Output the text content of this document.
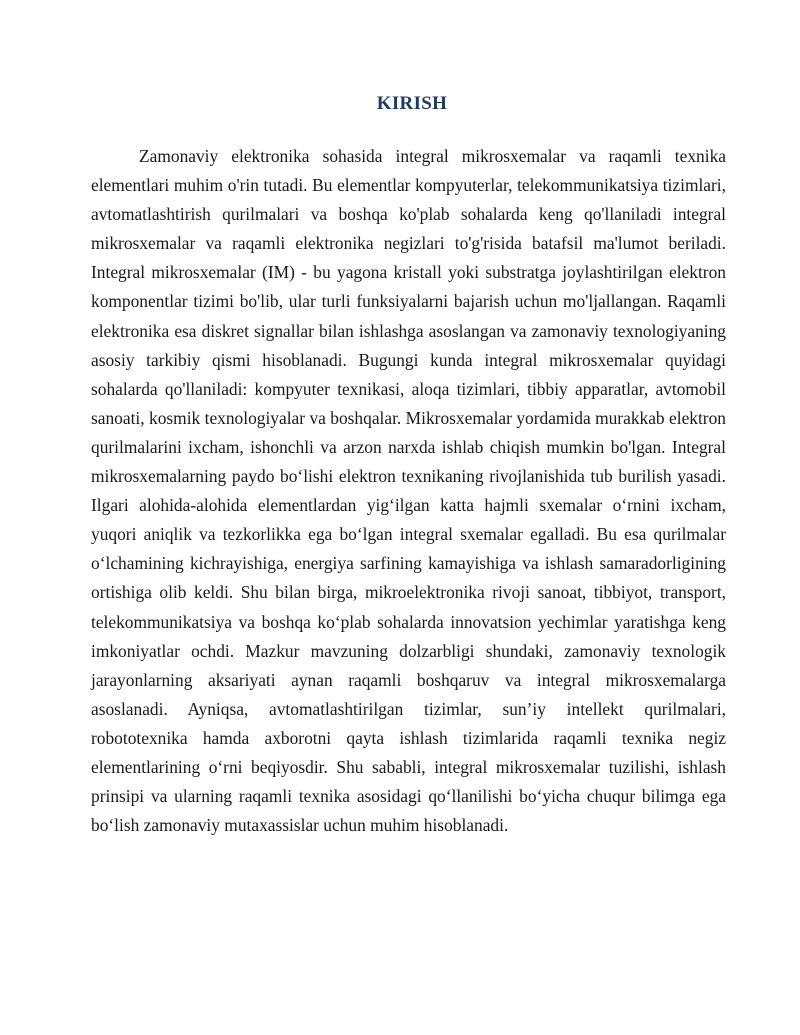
KIRISH

Zamonaviy elektronika sohasida integral mikrosxemalar va raqamli texnika elementlari muhim o'rin tutadi. Bu elementlar kompyuterlar, telekommunikatsiya tizimlari, avtomatlashtirish qurilmalari va boshqa ko'plab sohalarda keng qo'llaniladi integral mikrosxemalar va raqamli elektronika negizlari to'g'risida batafsil ma'lumot beriladi. Integral mikrosxemalar (IM) - bu yagona kristall yoki substratga joylashtirilgan elektron komponentlar tizimi bo'lib, ular turli funksiyalarni bajarish uchun mo'ljallangan. Raqamli elektronika esa diskret signallar bilan ishlashga asoslangan va zamonaviy texnologiyaning asosiy tarkibiy qismi hisoblanadi. Bugungi kunda integral mikrosxemalar quyidagi sohalarda qo'llaniladi: kompyuter texnikasi, aloqa tizimlari, tibbiy apparatlar, avtomobil sanoati, kosmik texnologiyalar va boshqalar. Mikrosxemalar yordamida murakkab elektron qurilmalarini ixcham, ishonchli va arzon narxda ishlab chiqish mumkin bo'lgan. Integral mikrosxemalarning paydo bo‘lishi elektron texnikaning rivojlanishida tub burilish yasadi. Ilgari alohida-alohida elementlardan yig‘ilgan katta hajmli sxemalar o‘rnini ixcham, yuqori aniqlik va tezkorlikka ega bo‘lgan integral sxemalar egalladi. Bu esa qurilmalar o‘lchamining kichrayishiga, energiya sarfining kamayishiga va ishlash samaradorligining ortishiga olib keldi. Shu bilan birga, mikroelektronika rivoji sanoat, tibbiyot, transport, telekommunikatsiya va boshqa ko‘plab sohalarda innovatsion yechimlar yaratishga keng imkoniyatlar ochdi. Mazkur mavzuning dolzarbligi shundaki, zamonaviy texnologik jarayonlarning aksariyati aynan raqamli boshqaruv va integral mikrosxemalarga asoslanadi. Ayniqsa, avtomatlashtirilgan tizimlar, sun’iy intellekt qurilmalari, robototexnika hamda axborotni qayta ishlash tizimlarida raqamli texnika negiz elementlarining o‘rni beqiyosdir. Shu sababli, integral mikrosxemalar tuzilishi, ishlash prinsipi va ularning raqamli texnika asosidagi qo‘llanilishi bo‘yicha chuqur bilimga ega bo‘lish zamonaviy mutaxassislar uchun muhim hisoblanadi.
